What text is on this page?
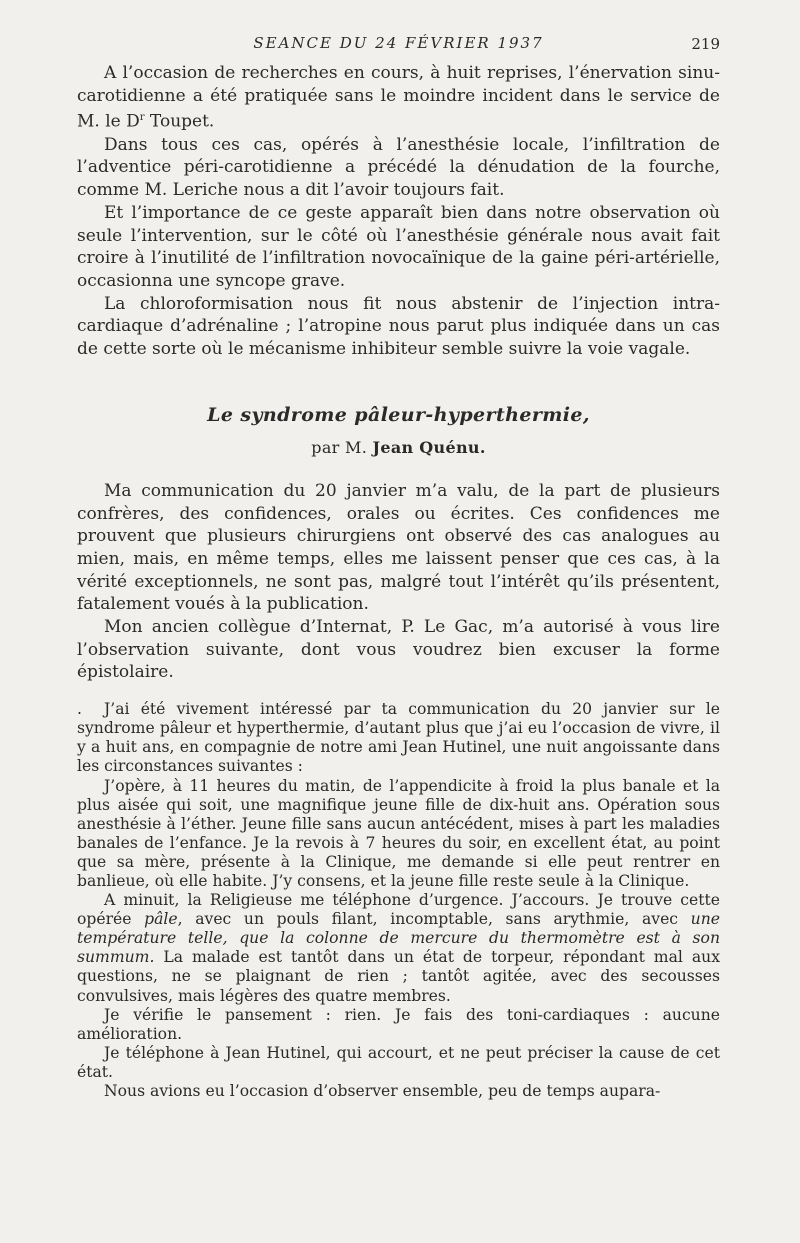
SEANCE DU 24 FÉVRIER 1937	219

A l’occasion de recherches en cours, à huit reprises, l’énervation sinu-carotidienne a été pratiquée sans le moindre incident dans le service de M. le $D^r$ Toupet.

Dans tous ces cas, opérés à l’anesthésie locale, l’infiltration de l’adventice péri-carotidienne a précédé la dénudation de la fourche, comme M. Leriche nous a dit l’avoir toujours fait.

Et l’importance de ce geste apparaît bien dans notre observation où seule l’intervention, sur le côté où l’anesthésie générale nous avait fait croire à l’inutilité de l’infiltration novocaïnique de la gaine péri-artérielle, occasionna une syncope grave.

La chloroformisation nous fit nous abstenir de l’injection intra-cardiaque d’adrénaline ; l’atropine nous parut plus indiquée dans un cas de cette sorte où le mécanisme inhibiteur semble suivre la voie vagale.

Le syndrome pâleur-hyperthermie,
par M. Jean Quénu.

Ma communication du 20 janvier m’a valu, de la part de plusieurs confrères, des confidences, orales ou écrites. Ces confidences me prouvent que plusieurs chirurgiens ont observé des cas analogues au mien, mais, en même temps, elles me laissent penser que ces cas, à la vérité exceptionnels, ne sont pas, malgré tout l’intérêt qu’ils présentent, fatalement voués à la publication.

Mon ancien collègue d’Internat, P. Le Gac, m’a autorisé à vous lire l’observation suivante, dont vous voudrez bien excuser la forme épistolaire.

. J’ai été vivement intéressé par ta communication du 20 janvier sur le syndrome pâleur et hyperthermie, d’autant plus que j’ai eu l’occasion de vivre, il y a huit ans, en compagnie de notre ami Jean Hutinel, une nuit angoissante dans les circonstances suivantes :

J’opère, à 11 heures du matin, de l’appendicite à froid la plus banale et la plus aisée qui soit, une magnifique jeune fille de dix-huit ans. Opération sous anesthésie à l’éther. Jeune fille sans aucun antécédent, mises à part les maladies banales de l’enfance. Je la revois à 7 heures du soir, en excellent état, au point que sa mère, présente à la Clinique, me demande si elle peut rentrer en banlieue, où elle habite. J’y consens, et la jeune fille reste seule à la Clinique.

A minuit, la Religieuse me téléphone d’urgence. J’accours. Je trouve cette opérée pâle, avec un pouls filant, incomptable, sans arythmie, avec une température telle, que la colonne de mercure du thermomètre est à son summum. La malade est tantôt dans un état de torpeur, répondant mal aux questions, ne se plaignant de rien ; tantôt agitée, avec des secousses convulsives, mais légères des quatre membres.

Je vérifie le pansement : rien. Je fais des toni-cardiaques : aucune amélioration.

Je téléphone à Jean Hutinel, qui accourt, et ne peut préciser la cause de cet état.

Nous avions eu l’occasion d’observer ensemble, peu de temps aupara-
